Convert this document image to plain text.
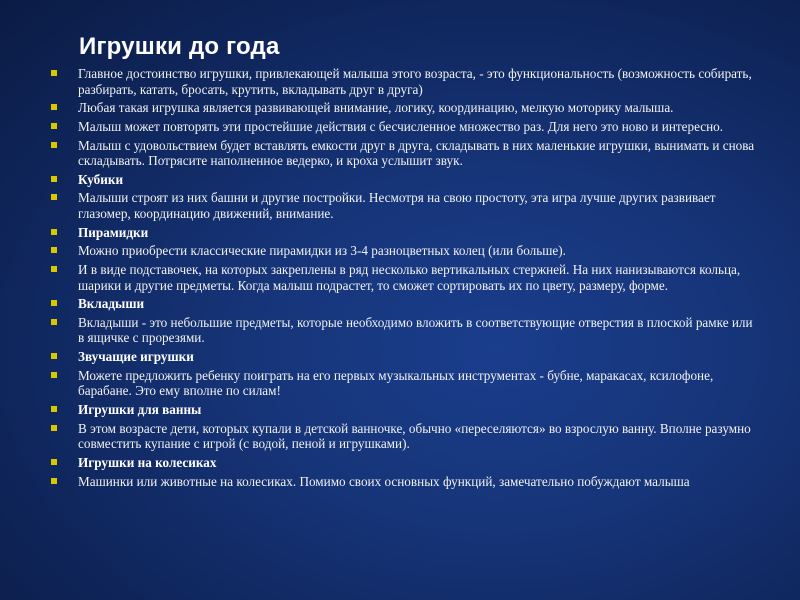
Игрушки до года
Главное достоинство игрушки, привлекающей малыша этого возраста, - это функциональность (возможность собирать, разбирать, катать, бросать, крутить, вкладывать друг в друга)
Любая такая игрушка является развивающей внимание, логику, координацию, мелкую моторику малыша.
Малыш может повторять эти простейшие действия с бесчисленное множество раз. Для него это ново и интересно.
Малыш с удовольствием будет вставлять емкости друг в друга, складывать в них маленькие игрушки, вынимать и снова складывать. Потрясите наполненное ведерко, и кроха услышит звук.
Кубики
Малыши строят из них башни и другие постройки. Несмотря на свою простоту, эта игра лучше других развивает глазомер, координацию движений, внимание.
Пирамидки
Можно приобрести классические пирамидки из 3-4 разноцветных колец (или больше).
И в виде подставочек, на которых закреплены в ряд несколько вертикальных стержней. На них нанизываются кольца, шарики и другие предметы. Когда малыш подрастет, то сможет сортировать их по цвету, размеру, форме.
Вкладыши
Вкладыши - это небольшие предметы, которые необходимо вложить в соответствующие отверстия в плоской рамке или в ящичке с прорезями.
Звучащие игрушки
Можете предложить ребенку поиграть на его первых музыкальных инструментах - бубне, маракасах, ксилофоне, барабане. Это ему вполне по силам!
Игрушки для ванны
В этом возрасте дети, которых купали в детской ванночке, обычно «переселяются» во взрослую ванну. Вполне разумно совместить купание с игрой (с водой, пеной и игрушками).
Игрушки на колесиках
Машинки или животные на колесиках. Помимо своих основных функций, замечательно побуждают малыша
